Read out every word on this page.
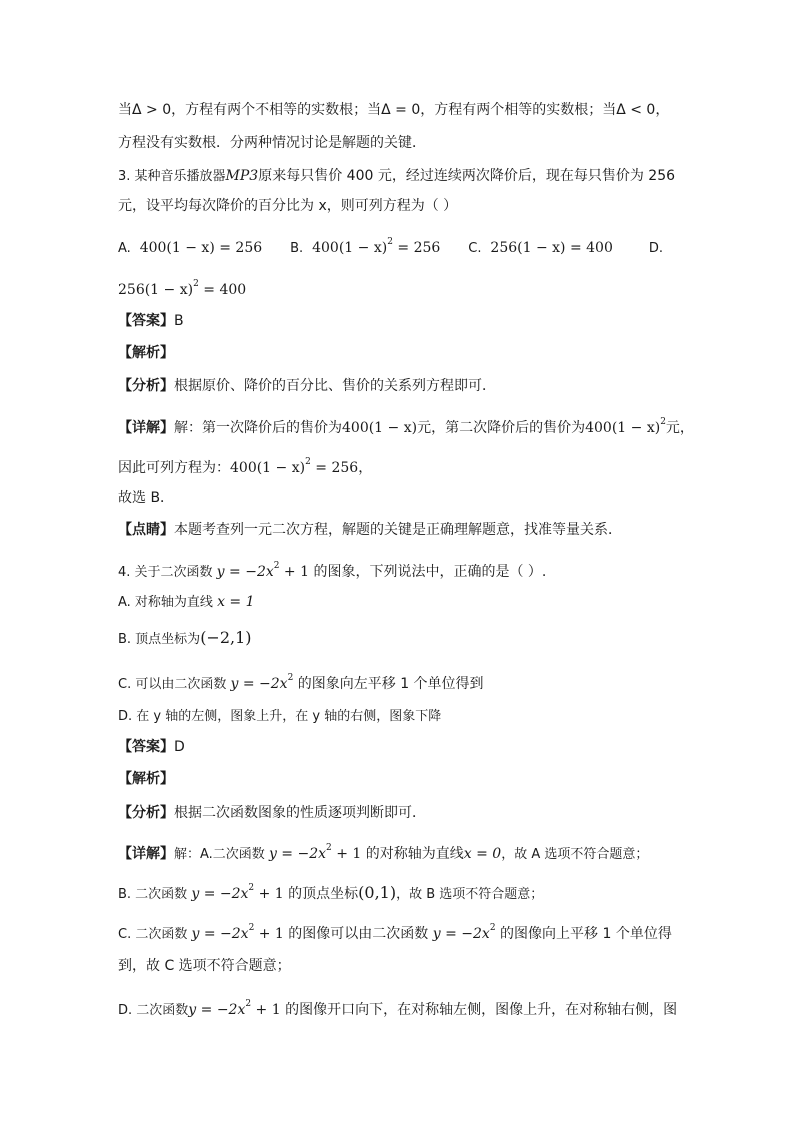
当Δ > 0，方程有两个不相等的实数根；当Δ = 0，方程有两个相等的实数根；当Δ < 0，
方程没有实数根．分两种情况讨论是解题的关键．
3. 某种音乐播放器MP3原来每只售价 400 元，经过连续两次降价后，现在每只售价为 256
元，设平均每次降价的百分比为 x，则可列方程为（ ）
A. 400(1 − x) = 256 B. $400(1 - x)^2 = 256$ C. 256(1 − x) = 400	D.
$256(1 - x)^2 = 400$
【答案】B
【解析】
【分析】根据原价、降价的百分比、售价的关系列方程即可．
【详解】解：第一次降价后的售价为400(1 − x)元，第二次降价后的售价为$400(1 - x)^2$元，
因此可列方程为：$400(1 - x)^2 = 256$，
故选 B．
【点睛】本题考查列一元二次方程，解题的关键是正确理解题意，找准等量关系．
4. 关于二次函数 $y = -2x^2 + 1$ 的图象，下列说法中，正确的是（ ）.
A. 对称轴为直线 x = 1
B. 顶点坐标为(−2,1)
C. 可以由二次函数 $y = -2x^2$ 的图象向左平移 1 个单位得到
D. 在 y 轴的左侧，图象上升，在 y 轴的右侧，图象下降
【答案】D
【解析】
【分析】根据二次函数图象的性质逐项判断即可．
【详解】解：A.二次函数 $y = -2x^2 + 1$ 的对称轴为直线x = 0，故 A 选项不符合题意；
B. 二次函数 $y = -2x^2 + 1$ 的顶点坐标(0,1)，故 B 选项不符合题意；
C. 二次函数 $y = -2x^2 + 1$ 的图像可以由二次函数 $y = -2x^2$ 的图像向上平移 1 个单位得
到，故 C 选项不符合题意；
D. 二次函数$y = -2x^2 + 1$ 的图像开口向下，在对称轴左侧，图像上升，在对称轴右侧，图
